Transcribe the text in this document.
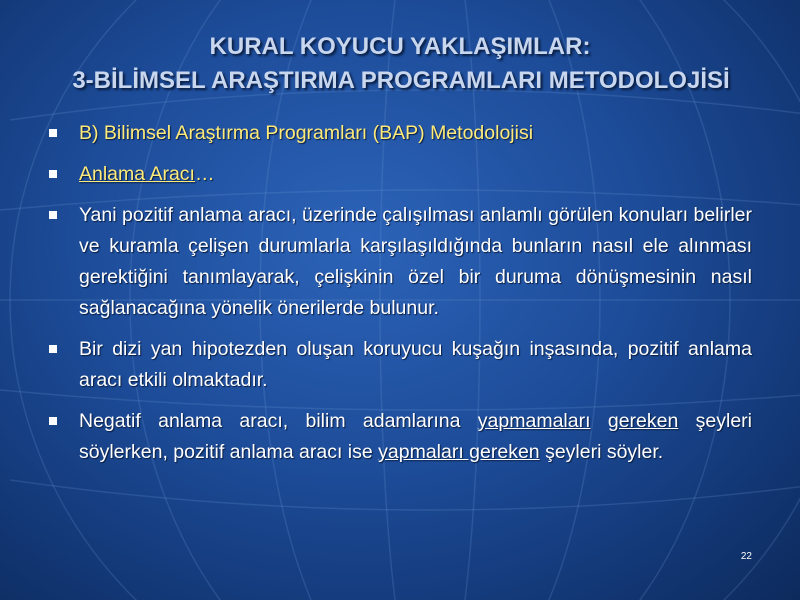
KURAL KOYUCU YAKLAŞIMLAR:
3-BİLİMSEL ARAŞTIRMA PROGRAMLARI METODOLOJİSİ
B) Bilimsel Araştırma Programları (BAP) Metodolojisi
Anlama Aracı…
Yani pozitif anlama aracı, üzerinde çalışılması anlamlı görülen konuları belirler ve kuramla çelişen durumlarla karşılaşıldığında bunların nasıl ele alınması gerektiğini tanımlayarak, çelişkinin özel bir duruma dönüşmesinin nasıl sağlanacağına yönelik önerilerde bulunur.
Bir dizi yan hipotezden oluşan koruyucu kuşağın inşasında, pozitif anlama aracı etkili olmaktadır.
Negatif anlama aracı, bilim adamlarına yapmamaları gereken şeyleri söylerken, pozitif anlama aracı ise yapmaları gereken şeyleri söyler.
22
